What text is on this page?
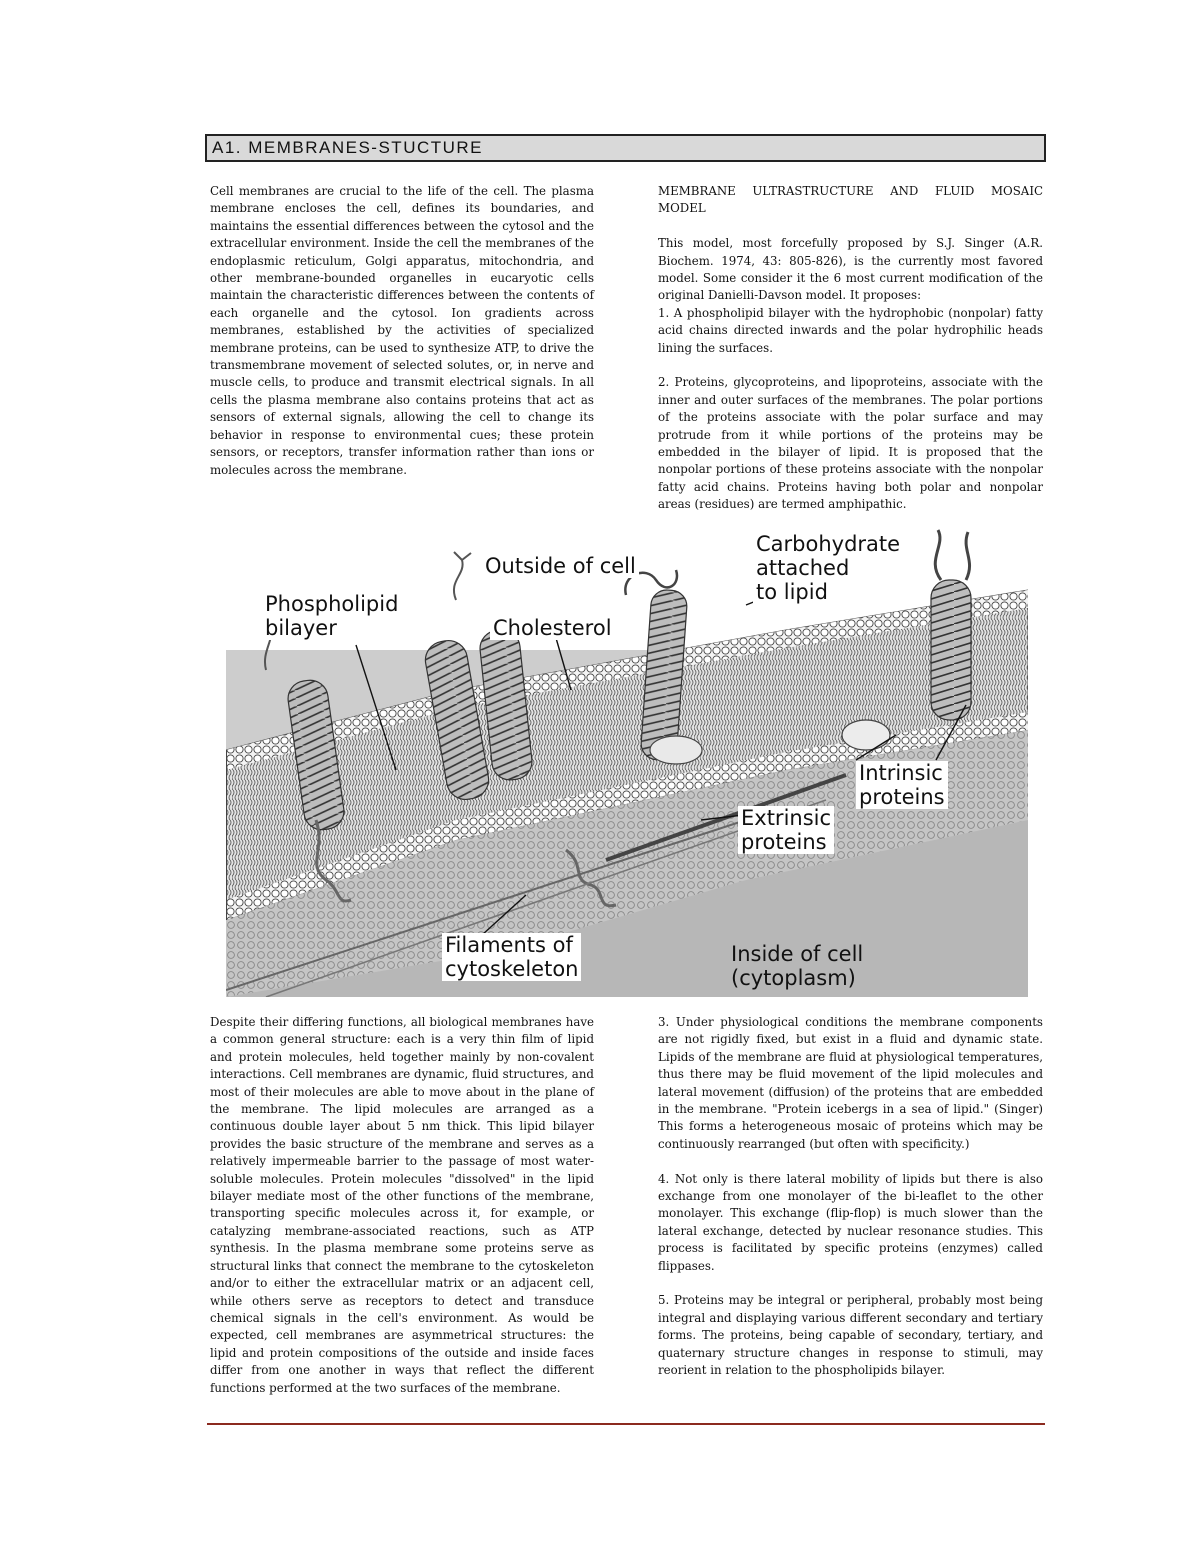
A1. MEMBRANES-STUCTURE

Cell membranes are crucial to the life of the cell. The plasma membrane encloses the cell, defines its boundaries, and maintains the essential differences between the cytosol and the extracellular environment. Inside the cell the membranes of the endoplasmic reticulum, Golgi apparatus, mitochondria, and other membrane-bounded organelles in eucaryotic cells maintain the characteristic differences between the contents of each organelle and the cytosol. Ion gradients across membranes, established by the activities of specialized membrane proteins, can be used to synthesize ATP, to drive the transmembrane movement of selected solutes, or, in nerve and muscle cells, to produce and transmit electrical signals. In all cells the plasma membrane also contains proteins that act as sensors of external signals, allowing the cell to change its behavior in response to environmental cues; these protein sensors, or receptors, transfer information rather than ions or molecules across the membrane.

MEMBRANE ULTRASTRUCTURE AND FLUID MOSAIC MODEL

This model, most forcefully proposed by S.J. Singer (A.R. Biochem. 1974, 43: 805-826), is the currently most favored model. Some consider it the 6 most current modification of the original Danielli-Davson model. It proposes:

1. A phospholipid bilayer with the hydrophobic (nonpolar) fatty acid chains directed inwards and the polar hydrophilic heads lining the surfaces.

2. Proteins, glycoproteins, and lipoproteins, associate with the inner and outer surfaces of the membranes. The polar portions of the proteins associate with the polar surface and may protrude from it while portions of the proteins may be embedded in the bilayer of lipid. It is proposed that the nonpolar portions of these proteins associate with the nonpolar fatty acid chains. Proteins having both polar and nonpolar areas (residues) are termed amphipathic.

Outside of cell
Carbohydrate
attached
to lipid
Phospholipid
bilayer	Cholesterol
Intrinsic
proteins
Extrinsic
proteins
Filaments of
cytoskeleton
Inside of cell
(cytoplasm)

Despite their differing functions, all biological membranes have a common general structure: each is a very thin film of lipid and protein molecules, held together mainly by non-covalent interactions. Cell membranes are dynamic, fluid structures, and most of their molecules are able to move about in the plane of the membrane. The lipid molecules are arranged as a continuous double layer about 5 nm thick. This lipid bilayer provides the basic structure of the membrane and serves as a relatively impermeable barrier to the passage of most water-soluble molecules. Protein molecules "dissolved" in the lipid bilayer mediate most of the other functions of the membrane, transporting specific molecules across it, for example, or catalyzing membrane-associated reactions, such as ATP synthesis. In the plasma membrane some proteins serve as structural links that connect the membrane to the cytoskeleton and/or to either the extracellular matrix or an adjacent cell, while others serve as receptors to detect and transduce chemical signals in the cell's environment. As would be expected, cell membranes are asymmetrical structures: the lipid and protein compositions of the outside and inside faces differ from one another in ways that reflect the different functions performed at the two surfaces of the membrane.

3. Under physiological conditions the membrane components are not rigidly fixed, but exist in a fluid and dynamic state. Lipids of the membrane are fluid at physiological temperatures, thus there may be fluid movement of the lipid molecules and lateral movement (diffusion) of the proteins that are embedded in the membrane. "Protein icebergs in a sea of lipid." (Singer) This forms a heterogeneous mosaic of proteins which may be continuously rearranged (but often with specificity.)

4. Not only is there lateral mobility of lipids but there is also exchange from one monolayer of the bi-leaflet to the other monolayer. This exchange (flip-flop) is much slower than the lateral exchange, detected by nuclear resonance studies. This process is facilitated by specific proteins (enzymes) called flippases.

5. Proteins may be integral or peripheral, probably most being integral and displaying various different secondary and tertiary forms. The proteins, being capable of secondary, tertiary, and quaternary structure changes in response to stimuli, may reorient in relation to the phospholipids bilayer.
